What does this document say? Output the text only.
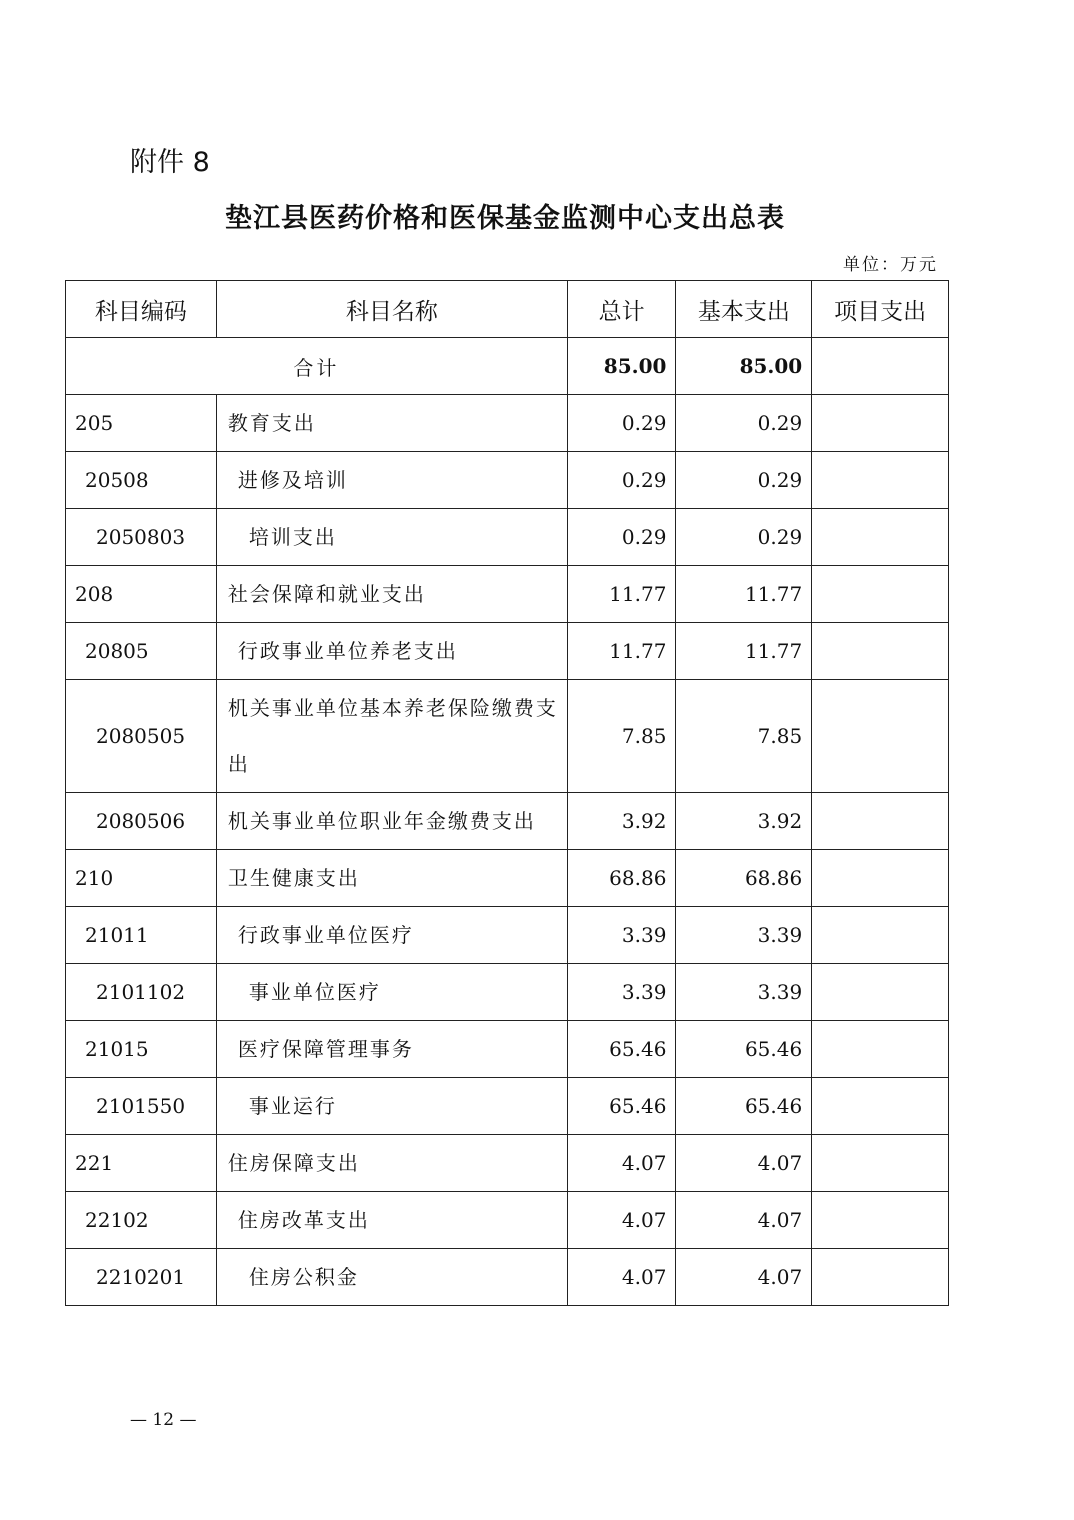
附件 8
垫江县医药价格和医保基金监测中心支出总表
单位：万元
科目编码	科目名称	总计	基本支出	项目支出
合计		85.00	85.00	
205	教育支出	0.29	0.29	
20508	进修及培训	0.29	0.29	
2050803	培训支出	0.29	0.29	
208	社会保障和就业支出	11.77	11.77	
20805	行政事业单位养老支出	11.77	11.77	
2080505	机关事业单位基本养老保险缴费支出	7.85	7.85	
2080506	机关事业单位职业年金缴费支出	3.92	3.92	
210	卫生健康支出	68.86	68.86	
21011	行政事业单位医疗	3.39	3.39	
2101102	事业单位医疗	3.39	3.39	
21015	医疗保障管理事务	65.46	65.46	
2101550	事业运行	65.46	65.46	
221	住房保障支出	4.07	4.07	
22102	住房改革支出	4.07	4.07	
2210201	住房公积金	4.07	4.07	
— 12 —
